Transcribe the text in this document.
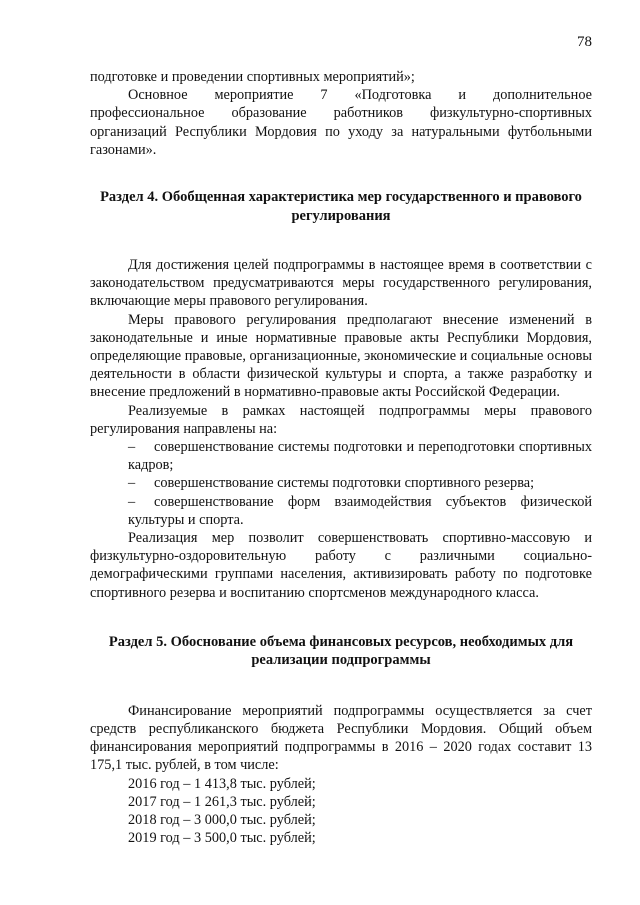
78

подготовке и проведении спортивных мероприятий»;

Основное мероприятие 7 «Подготовка и дополнительное профессиональное образование работников физкультурно-спортивных организаций Республики Мордовия по уходу за натуральными футбольными газонами».

Раздел 4. Обобщенная характеристика мер государственного и правового регулирования

Для достижения целей подпрограммы в настоящее время в соответствии с законодательством предусматриваются меры государственного регулирования, включающие меры правового регулирования.

Меры правового регулирования предполагают внесение изменений в законодательные и иные нормативные правовые акты Республики Мордовия, определяющие правовые, организационные, экономические и социальные основы деятельности в области физической культуры и спорта, а также разработку и внесение предложений в нормативно-правовые акты Российской Федерации.

Реализуемые в рамках настоящей подпрограммы меры правового регулирования направлены на:

– совершенствование системы подготовки и переподготовки спортивных кадров;

– совершенствование системы подготовки спортивного резерва;

– совершенствование форм взаимодействия субъектов физической культуры и спорта.

Реализация мер позволит совершенствовать спортивно-массовую и физкультурно-оздоровительную работу с различными социально-демографическими группами населения, активизировать работу по подготовке спортивного резерва и воспитанию спортсменов международного класса.

Раздел 5. Обоснование объема финансовых ресурсов, необходимых для реализации подпрограммы

Финансирование мероприятий подпрограммы осуществляется за счет средств республиканского бюджета Республики Мордовия. Общий объем финансирования мероприятий подпрограммы в 2016 – 2020 годах составит 13 175,1 тыс. рублей, в том числе:

2016 год – 1 413,8 тыс. рублей;

2017 год – 1 261,3 тыс. рублей;

2018 год – 3 000,0 тыс. рублей;

2019 год – 3 500,0 тыс. рублей;
